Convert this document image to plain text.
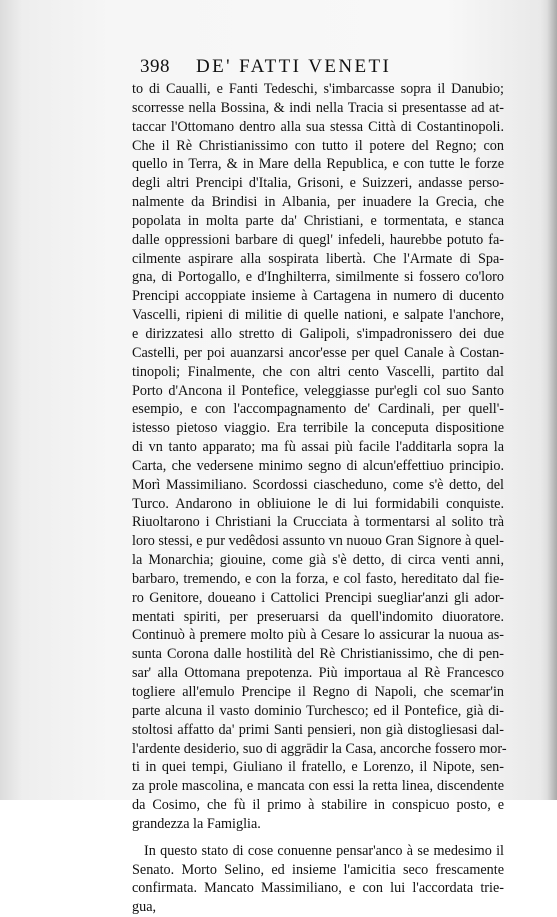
398 DE' FATTI VENETI
to di Caualli, e Fanti Tedeschi, s'imbarcasse sopra il Danubio;
scorresse nella Bossina, & indi nella Tracia si presentasse ad at-
taccar l'Ottomano dentro alla sua stessa Città di Costantinopoli.
Che il Rè Christianissimo con tutto il potere del Regno; con
quello in Terra, & in Mare della Republica, e con tutte le forze
degli altri Prencipi d'Italia, Grisoni, e Suizzeri, andasse perso-
nalmente da Brindisi in Albania, per inuadere la Grecia, che
popolata in molta parte da' Christiani, e tormentata, e stanca
dalle oppressioni barbare di quegl' infedeli, haurebbe potuto fa-
cilmente aspirare alla sospirata libertà. Che l'Armate di Spa-
gna, di Portogallo, e d'Inghilterra, similmente si fossero co'loro
Prencipi accoppiate insieme à Cartagena in numero di ducento
Vascelli, ripieni di militie di quelle nationi, e salpate l'anchore,
e dirizzatesi allo stretto di Galipoli, s'impadronissero dei due
Castelli, per poi auanzarsi ancor'esse per quel Canale à Costan-
tinopoli; Finalmente, che con altri cento Vascelli, partito dal
Porto d'Ancona il Pontefice, veleggiasse pur'egli col suo Santo
esempio, e con l'accompagnamento de' Cardinali, per quell'-
istesso pietoso viaggio. Era terribile la conceputa dispositione
di vn tanto apparato; ma fù assai più facile l'additarla sopra la
Carta, che vedersene minimo segno di alcun'effettiuo principio.
Morì Massimiliano. Scordossi ciascheduno, come s'è detto, del
Turco. Andarono in obliuione le di lui formidabili conquiste.
Riuoltarono i Christiani la Crucciata à tormentarsi al solito trà
loro stessi, e pur vedêdosi assunto vn nuouo Gran Signore à quel-
la Monarchia; giouine, come già s'è detto, di circa venti anni,
barbaro, tremendo, e con la forza, e col fasto, hereditato dal fie-
ro Genitore, doueano i Cattolici Prencipi suegliar'anzi gli ador-
mentati spiriti, per preseruarsi da quell'indomito diuoratore.
Continuò à premere molto più à Cesare lo assicurar la nuoua as-
sunta Corona dalle hostilità del Rè Christianissimo, che di pen-
sar' alla Ottomana prepotenza. Più importaua al Rè Francesco
togliere all'emulo Prencipe il Regno di Napoli, che scemar'in
parte alcuna il vasto dominio Turchesco; ed il Pontefice, già di-
stoltosi affatto da' primi Santi pensieri, non già distogliesasi dal-
l'ardente desiderio, suo di aggrādir la Casa, ancorche fossero mor-
ti in quei tempi, Giuliano il fratello, e Lorenzo, il Nipote, sen-
za prole mascolina, e mancata con essi la retta linea, discendente
da Cosimo, che fù il primo à stabilire in conspicuo posto, e
grandezza la Famiglia.
In questo stato di cose conuenne pensar'anco à se medesimo il
Senato. Morto Selino, ed insieme l'amicitia seco frescamente
confirmata. Mancato Massimiliano, e con lui l'accordata trie-
gua,
